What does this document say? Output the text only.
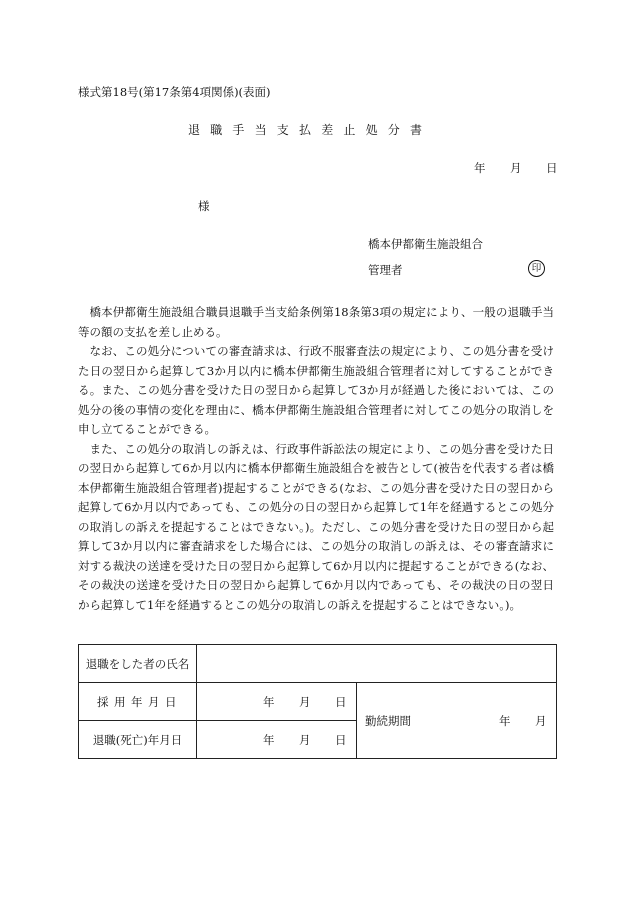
様式第18号(第17条第4項関係)(表面)
退職手当支払差止処分書
年 月 日
様
橋本伊都衛生施設組合
管理者	印

橋本伊都衛生施設組合職員退職手当支給条例第18条第3項の規定により、一般の退職手当等の額の支払を差し止める。

なお、この処分についての審査請求は、行政不服審査法の規定により、この処分書を受けた日の翌日から起算して3か月以内に橋本伊都衛生施設組合管理者に対してすることができる。また、この処分書を受けた日の翌日から起算して3か月が経過した後においては、この処分の後の事情の変化を理由に、橋本伊都衛生施設組合管理者に対してこの処分の取消しを申し立てることができる。

また、この処分の取消しの訴えは、行政事件訴訟法の規定により、この処分書を受けた日の翌日から起算して6か月以内に橋本伊都衛生施設組合を被告として(被告を代表する者は橋本伊都衛生施設組合管理者)提起することができる(なお、この処分書を受けた日の翌日から起算して6か月以内であっても、この処分の日の翌日から起算して1年を経過するとこの処分の取消しの訴えを提起することはできない。)。ただし、この処分書を受けた日の翌日から起算して3か月以内に審査請求をした場合には、この処分の取消しの訴えは、その審査請求に対する裁決の送達を受けた日の翌日から起算して6か月以内に提起することができる(なお、その裁決の送達を受けた日の翌日から起算して6か月以内であっても、その裁決の日の翌日から起算して1年を経過するとこの処分の取消しの訴えを提起することはできない。)。

退職をした者の氏名		
採用年月日	年 月 日	勤続期間 年 月

退職(死亡)年月日	年 月 日	
